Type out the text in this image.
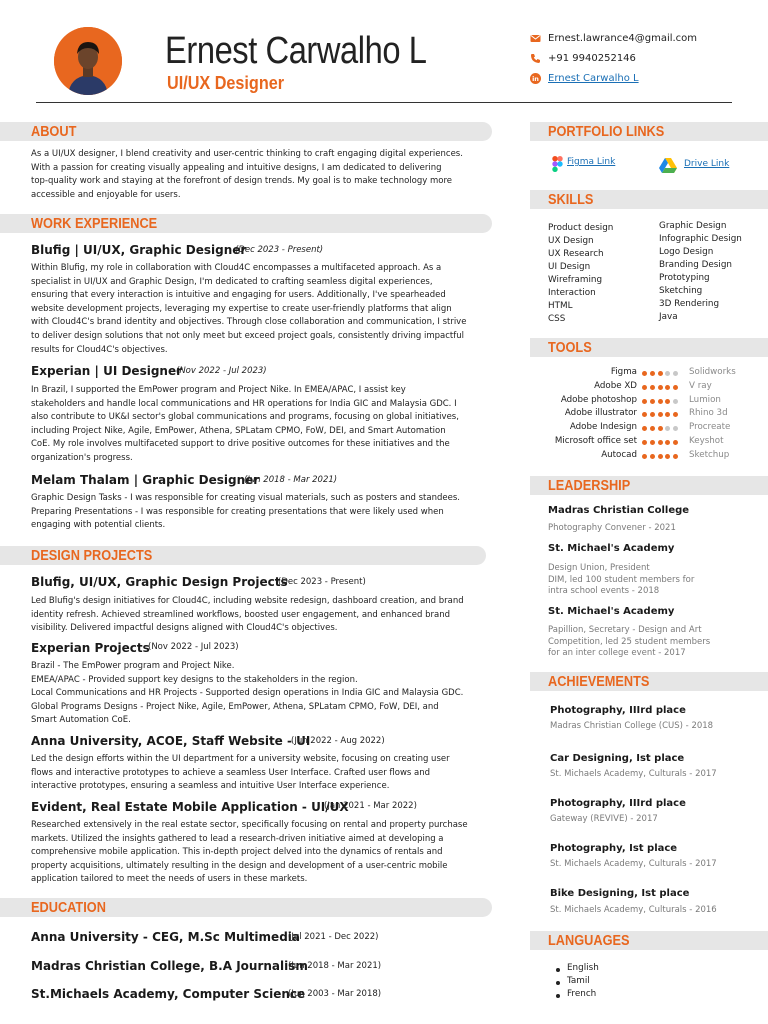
Ernest Carwalho L
UI/UX Designer
Ernest.lawrance4@gmail.com
+91 9940252146
in Ernest Carwalho L
ABOUT
As a UI/UX designer, I blend creativity and user-centric thinking to craft engaging digital experiences.
With a passion for creating visually appealing and intuitive designs, I am dedicated to delivering
top-quality work and staying at the forefront of design trends. My goal is to make technology more
accessible and enjoyable for users.
WORK EXPERIENCE
Blufig | UI/UX, Graphic Designer
(Dec 2023 - Present)
Within Blufig, my role in collaboration with Cloud4C encompasses a multifaceted approach. As a
specialist in UI/UX and Graphic Design, I'm dedicated to crafting seamless digital experiences,
ensuring that every interaction is intuitive and engaging for users. Additionally, I've spearheaded
website development projects, leveraging my expertise to create user-friendly platforms that align
with Cloud4C's brand identity and objectives. Through close collaboration and communication, I strive
to deliver design solutions that not only meet but exceed project goals, consistently driving impactful
results for Cloud4C's objectives.
Experian | UI Designer
(Nov 2022 - Jul 2023)
In Brazil, I supported the EmPower program and Project Nike. In EMEA/APAC, I assist key
stakeholders and handle local communications and HR operations for India GIC and Malaysia GDC. I
also contribute to UK&I sector's global communications and programs, focusing on global initiatives,
including Project Nike, Agile, EmPower, Athena, SPLatam CPMO, FoW, DEI, and Smart Automation
CoE. My role involves multifaceted support to drive positive outcomes for these initiatives and the
organization's progress.
Melam Thalam | Graphic Designer
(Jun 2018 - Mar 2021)
Graphic Design Tasks - I was responsible for creating visual materials, such as posters and standees.
Preparing Presentations - I was responsible for creating presentations that were likely used when
engaging with potential clients.
DESIGN PROJECTS
Blufig, UI/UX, Graphic Design Projects
(Dec 2023 - Present)
Led Blufig's design initiatives for Cloud4C, including website redesign, dashboard creation, and brand
identity refresh. Achieved streamlined workflows, boosted user engagement, and enhanced brand
visibility. Delivered impactful designs aligned with Cloud4C's objectives.
Experian Projects
(Nov 2022 - Jul 2023)
Brazil - The EmPower program and Project Nike.
EMEA/APAC - Provided support key designs to the stakeholders in the region.
Local Communications and HR Projects - Supported design operations in India GIC and Malaysia GDC.
Global Programs Designs - Project Nike, Agile, EmPower, Athena, SPLatam CPMO, FoW, DEI, and
Smart Automation CoE.
Anna University, ACOE, Staff Website - UI
(Jun 2022 - Aug 2022)
Led the design efforts within the UI department for a university website, focusing on creating user
flows and interactive prototypes to achieve a seamless User Interface. Crafted user flows and
interactive prototypes, ensuring a seamless and intuitive User Interface experience.
Evident, Real Estate Mobile Application - UI/UX
(Jan 2021 - Mar 2022)
Researched extensively in the real estate sector, specifically focusing on rental and property purchase
markets. Utilized the insights gathered to lead a research-driven initiative aimed at developing a
comprehensive mobile application. This in-depth project delved into the dynamics of rentals and
property acquisitions, ultimately resulting in the design and development of a user-centric mobile
application tailored to meet the needs of users in these markets.
EDUCATION
Anna University - CEG, M.Sc Multimedia
(Jul 2021 - Dec 2022)
Madras Christian College, B.A Journalism
(Jun 2018 - Mar 2021)
St.Michaels Academy, Computer Science
(Jun 2003 - Mar 2018)
PORTFOLIO LINKS
Figma Link	Drive Link
SKILLS
Product design
UX Design
UX Research
UI Design
Wireframing
Interaction
HTML
CSS
Graphic Design
Infographic Design
Logo Design
Branding Design
Prototyping
Sketching
3D Rendering
Java
TOOLS
Figma	Solidworks
Adobe XD	V ray
Adobe photoshop	Lumion
Adobe illustrator	Rhino 3d
Adobe Indesign	Procreate
Microsoft office set	Keyshot
Autocad	Sketchup
LEADERSHIP
Madras Christian College
Photography Convener - 2021
St. Michael's Academy
Design Union, President
DIM, led 100 student members for
intra school events - 2018
St. Michael's Academy
Papillion, Secretary - Design and Art
Competition, led 25 student members
for an inter college event - 2017
ACHIEVEMENTS
Photography, IIIrd place
Madras Christian College (CUS) - 2018
Car Designing, Ist place
St. Michaels Academy, Culturals - 2017
Photography, IIIrd place
Gateway (REVIVE) - 2017
Photography, Ist place
St. Michaels Academy, Culturals - 2017
Bike Designing, Ist place
St. Michaels Academy, Culturals - 2016
LANGUAGES
English
Tamil
French
